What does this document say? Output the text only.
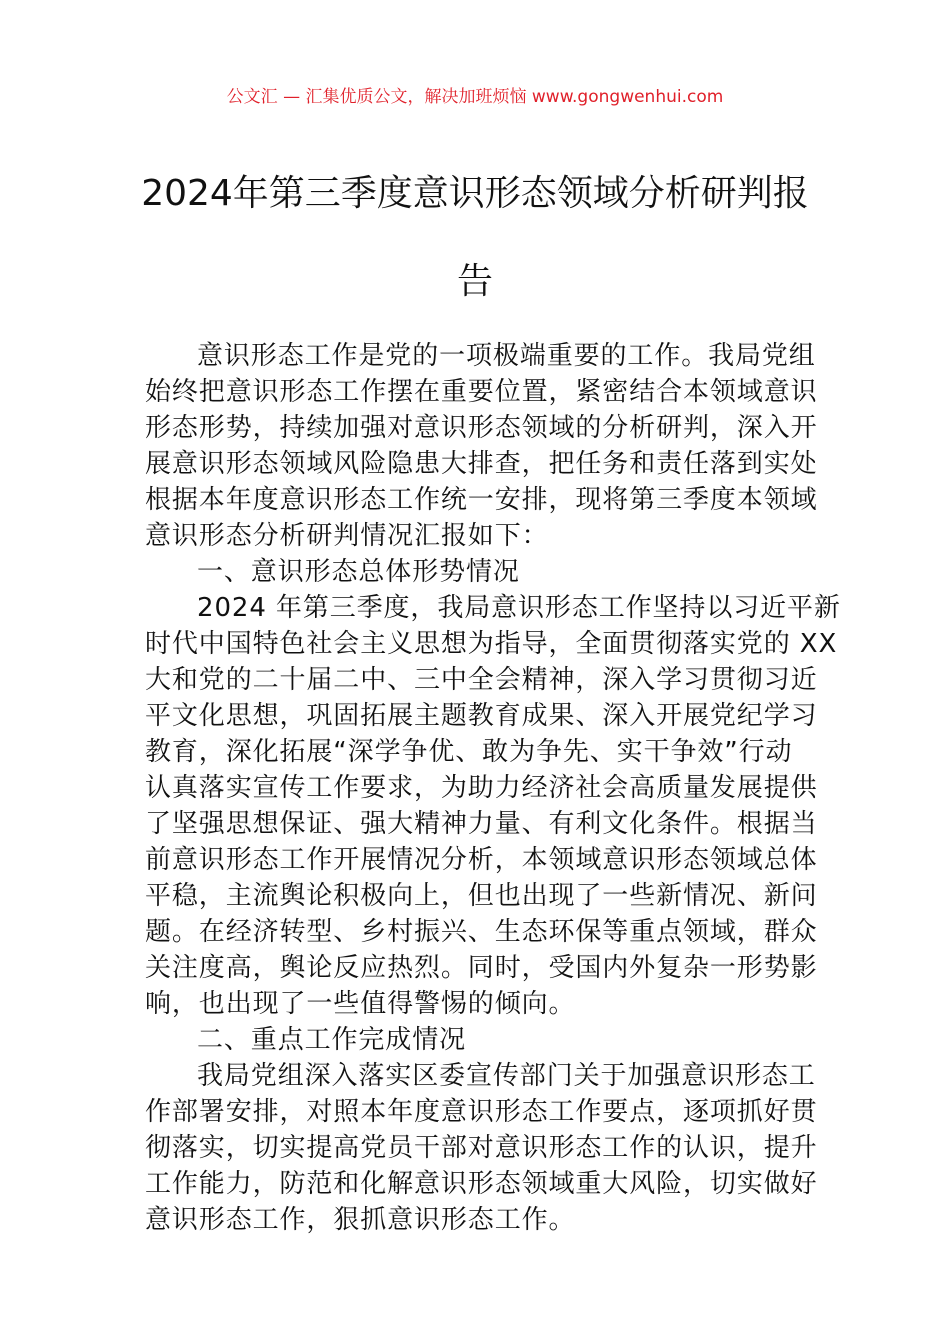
公文汇 — 汇集优质公文，解决加班烦恼 www.gongwenhui.com
2024年第三季度意识形态领域分析研判报
告
意识形态工作是党的一项极端重要的工作。我局党组
始终把意识形态工作摆在重要位置，紧密结合本领域意识
形态形势，持续加强对意识形态领域的分析研判，深入开
展意识形态领域风险隐患大排查，把任务和责任落到实处
根据本年度意识形态工作统一安排，现将第三季度本领域
意识形态分析研判情况汇报如下：
一、意识形态总体形势情况
2024 年第三季度，我局意识形态工作坚持以习近平新
时代中国特色社会主义思想为指导，全面贯彻落实党的 XX
大和党的二十届二中、三中全会精神，深入学习贯彻习近
平文化思想，巩固拓展主题教育成果、深入开展党纪学习
教育，深化拓展“深学争优、敢为争先、实干争效”行动
认真落实宣传工作要求，为助力经济社会高质量发展提供
了坚强思想保证、强大精神力量、有利文化条件。根据当
前意识形态工作开展情况分析，本领域意识形态领域总体
平稳，主流舆论积极向上，但也出现了一些新情况、新问
题。在经济转型、乡村振兴、生态环保等重点领域，群众
关注度高，舆论反应热烈。同时，受国内外复杂一形势影
响，也出现了一些值得警惕的倾向。
二、重点工作完成情况
我局党组深入落实区委宣传部门关于加强意识形态工
作部署安排，对照本年度意识形态工作要点，逐项抓好贯
彻落实，切实提高党员干部对意识形态工作的认识，提升
工作能力，防范和化解意识形态领域重大风险，切实做好
意识形态工作，狠抓意识形态工作。
